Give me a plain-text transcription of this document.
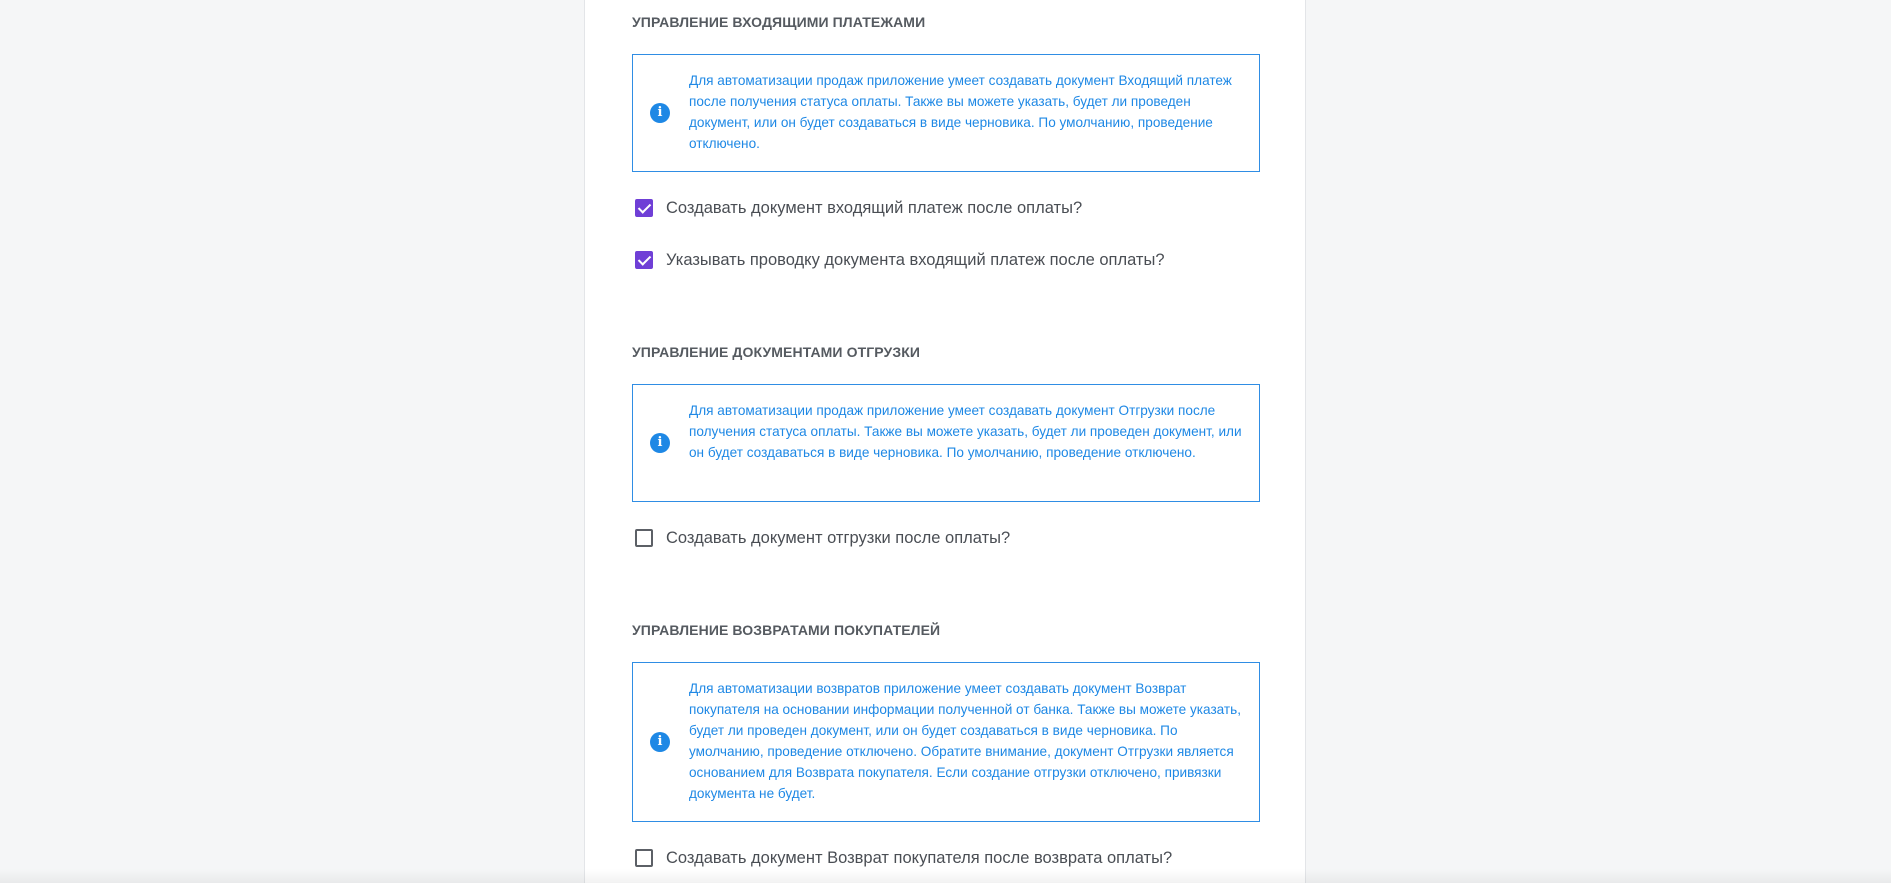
УПРАВЛЕНИЕ ВХОДЯЩИМИ ПЛАТЕЖАМИ
i

Для автоматизации продаж приложение умеет создавать документ Входящий платеж после получения статуса оплаты. Также вы можете указать, будет ли проведен документ, или он будет создаваться в виде черновика. По умолчанию, проведение отключено.

Создавать документ входящий платеж после оплаты?
Указывать проводку документа входящий платеж после оплаты?
УПРАВЛЕНИЕ ДОКУМЕНТАМИ ОТГРУЗКИ
i

Для автоматизации продаж приложение умеет создавать документ Отгрузки после получения статуса оплаты. Также вы можете указать, будет ли проведен документ, или он будет создаваться в виде черновика. По умолчанию, проведение отключено.

Создавать документ отгрузки после оплаты?
УПРАВЛЕНИЕ ВОЗВРАТАМИ ПОКУПАТЕЛЕЙ
i

Для автоматизации возвратов приложение умеет создавать документ Возврат покупателя на основании информации полученной от банка. Также вы можете указать, будет ли проведен документ, или он будет создаваться в виде черновика. По умолчанию, проведение отключено. Обратите внимание, документ Отгрузки является основанием для Возврата покупателя. Если создание отгрузки отключено, привязки документа не будет.

Создавать документ Возврат покупателя после возврата оплаты?
